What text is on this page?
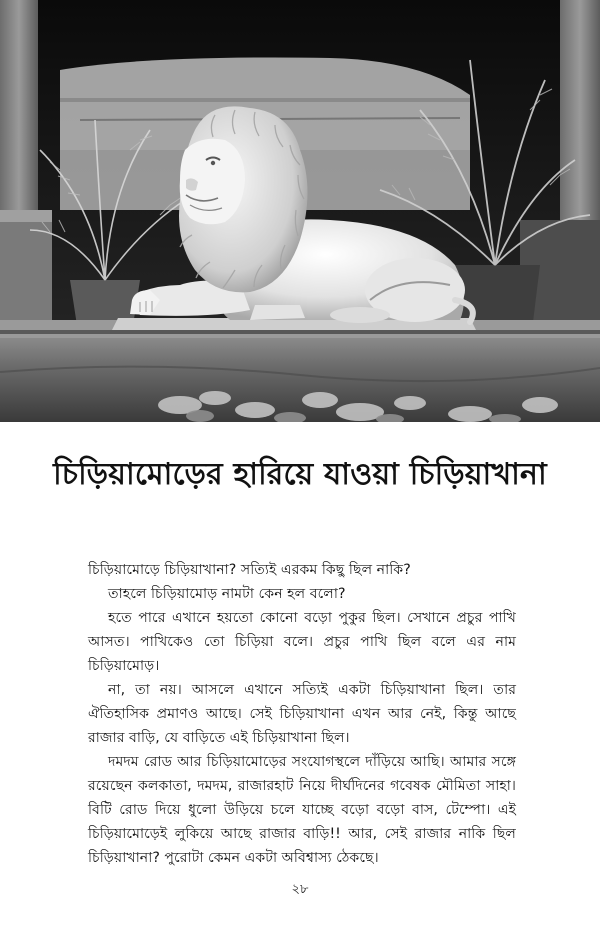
চিড়িয়ামোড়ের হারিয়ে যাওয়া চিড়িয়াখানা

চিড়িয়ামোড়ে চিড়িয়াখানা? সত্যিই এরকম কিছু ছিল নাকি?

তাহলে চিড়িয়ামোড় নামটা কেন হল বলো?

হতে পারে এখানে হয়তো কোনো বড়ো পুকুর ছিল। সেখানে প্রচুর পাখি আসত। পাখিকেও তো চিড়িয়া বলে। প্রচুর পাখি ছিল বলে এর নাম চিড়িয়ামোড়।

না, তা নয়। আসলে এখানে সত্যিই একটা চিড়িয়াখানা ছিল। তার ঐতিহাসিক প্রমাণও আছে। সেই চিড়িয়াখানা এখন আর নেই, কিন্তু আছে রাজার বাড়ি, যে বাড়িতে এই চিড়িয়াখানা ছিল।

দমদম রোড আর চিড়িয়ামোড়ের সংযোগস্থলে দাঁড়িয়ে আছি। আমার সঙ্গে রয়েছেন কলকাতা, দমদম, রাজারহাট নিয়ে দীর্ঘদিনের গবেষক মৌমিতা সাহা। বিটি রোড দিয়ে ধুলো উড়িয়ে চলে যাচ্ছে বড়ো বড়ো বাস, টেম্পো। এই চিড়িয়ামোড়েই লুকিয়ে আছে রাজার বাড়ি!! আর, সেই রাজার নাকি ছিল চিড়িয়াখানা? পুরোটা কেমন একটা অবিশ্বাস্য ঠেকছে।

২৮
